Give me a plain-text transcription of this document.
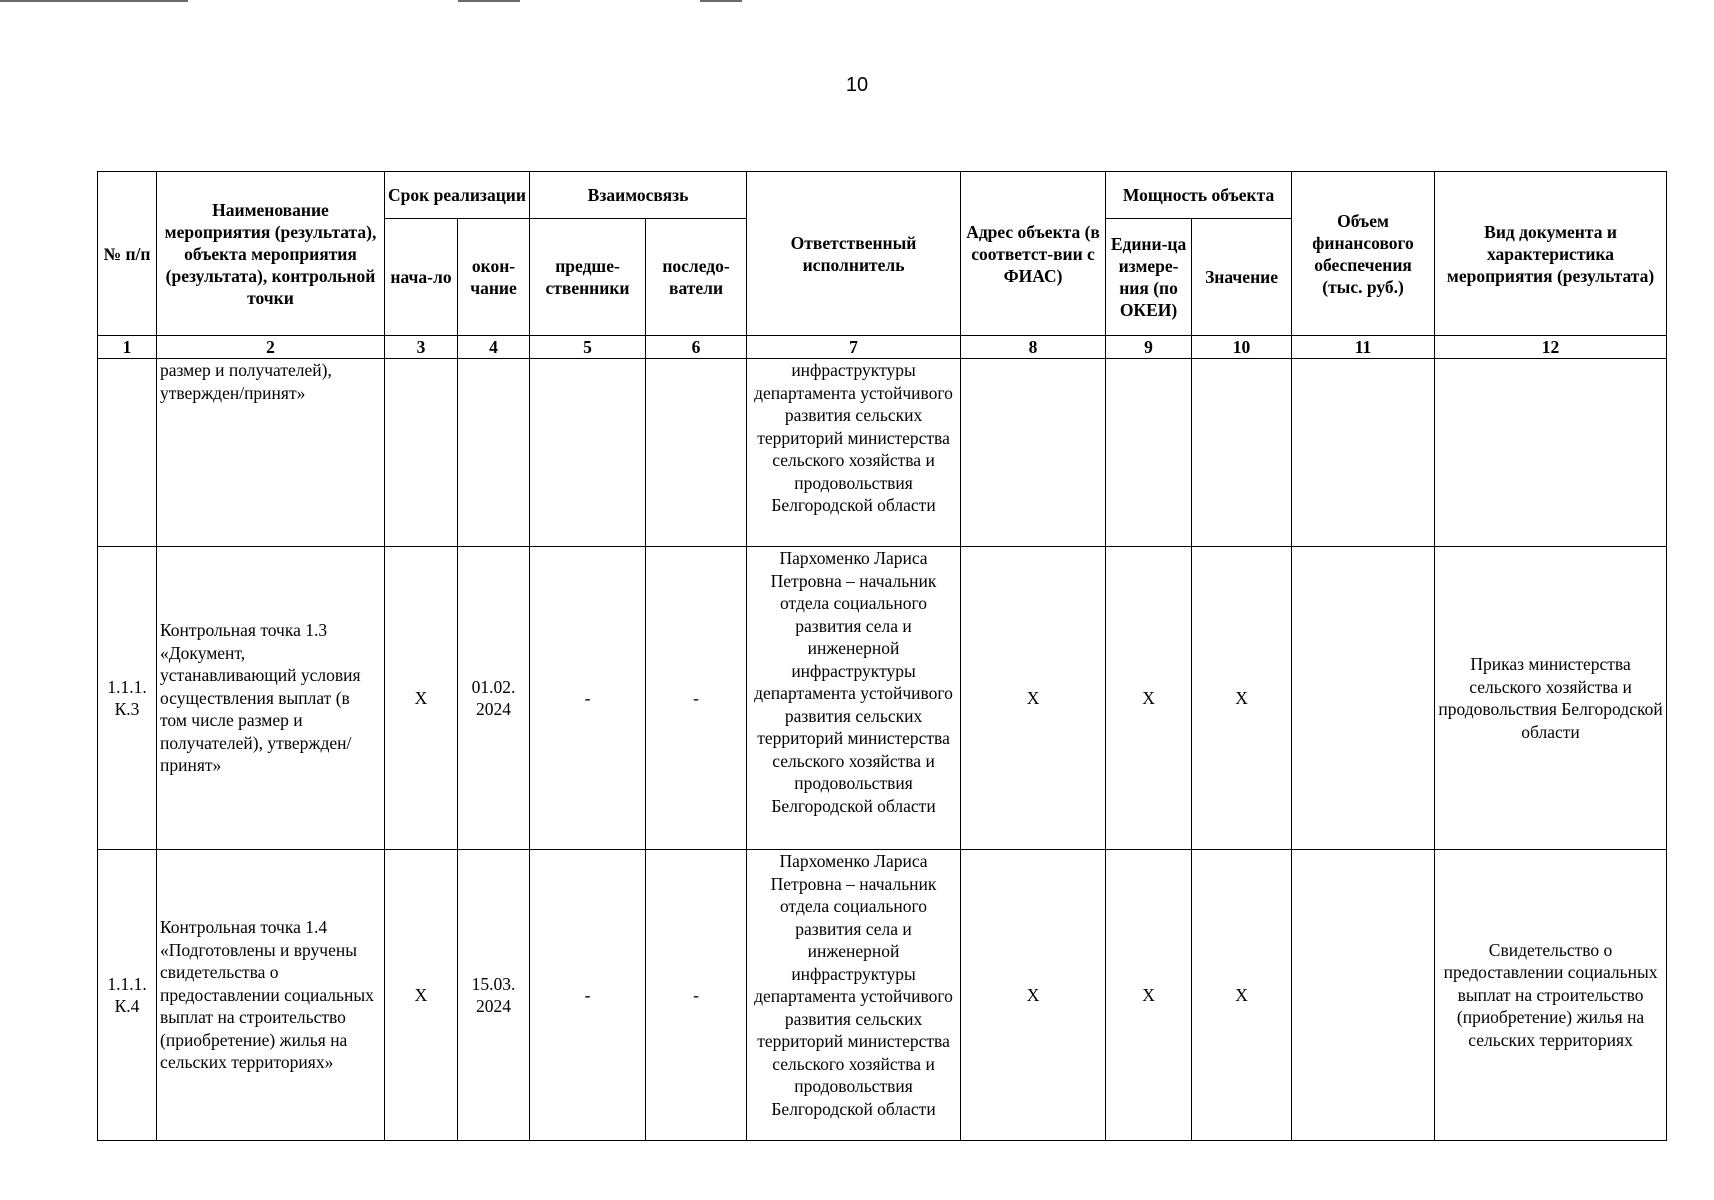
10
№ п/п	Наименование мероприятия (результата), объекта мероприятия (результата), контрольной точки	Срок реализации		Взаимосвязь		Ответственный исполнитель	Адрес объекта (в соответст-вии с ФИАС)	Мощность объекта		Объем финансового обеспечения (тыс. руб.)	Вид документа и характеристика мероприятия (результата)
		нача-ло	окон-чание	предше-ственники	последо-ватели			Едини-ца измере-ния (по ОКЕИ)	Значение		
1	2	3	4	5	6	7	8	9	10	11	12
	размер и получателей), утвержден/принят»					инфраструктуры департамента устойчивого развития сельских территорий министерства сельского хозяйства и продовольствия Белгородской области					
1.1.1. К.3	Контрольная точка 1.3 «Документ, устанавливающий условия осуществления выплат (в том числе размер и получателей), утвержден/принят»	X	01.02. 2024	-	-	Пархоменко Лариса Петровна – начальник отдела социального развития села и инженерной инфраструктуры департамента устойчивого развития сельских территорий министерства сельского хозяйства и продовольствия Белгородской области	X	X	X		Приказ министерства сельского хозяйства и продовольствия Белгородской области
1.1.1. К.4	Контрольная точка 1.4 «Подготовлены и вручены свидетельства о предоставлении социальных выплат на строительство (приобретение) жилья на сельских территориях»	X	15.03. 2024	-	-	Пархоменко Лариса Петровна – начальник отдела социального развития села и инженерной инфраструктуры департамента устойчивого развития сельских территорий министерства сельского хозяйства и продовольствия Белгородской области	X	X	X		Свидетельство о предоставлении социальных выплат на строительство (приобретение) жилья на сельских территориях
